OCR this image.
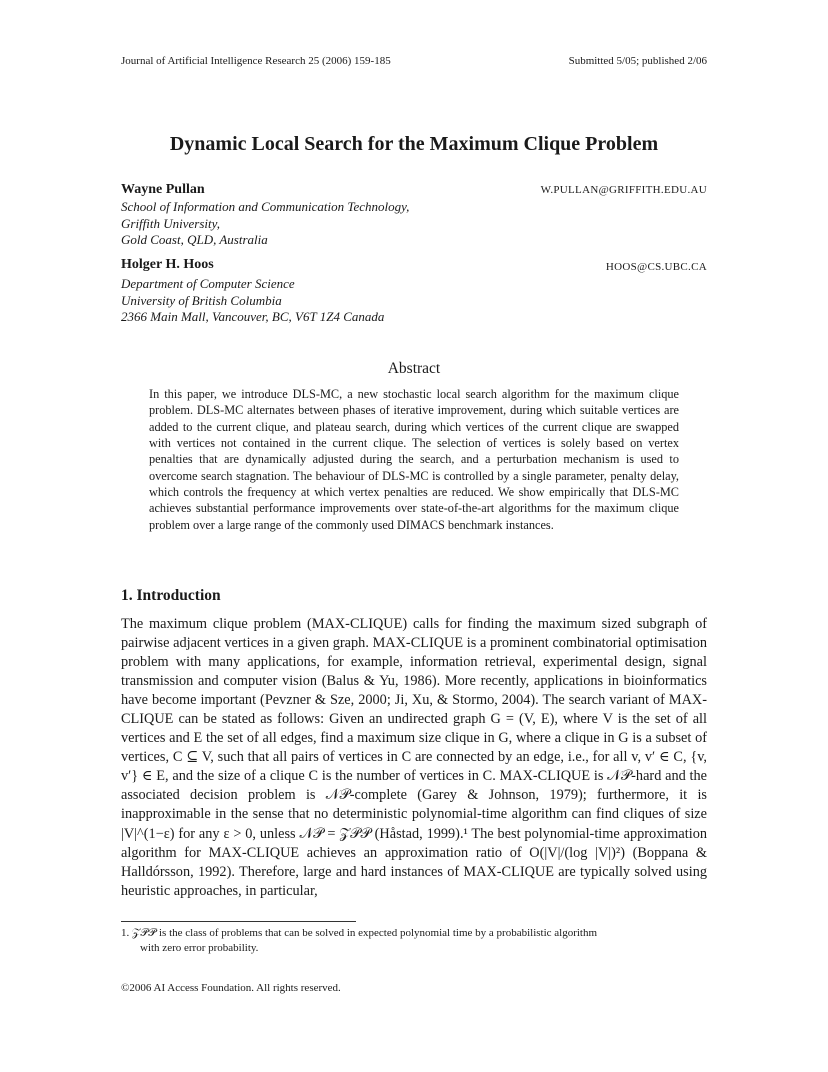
Journal of Artificial Intelligence Research 25 (2006) 159-185	Submitted 5/05; published 2/06
Dynamic Local Search for the Maximum Clique Problem
Wayne Pullan	W.PULLAN@GRIFFITH.EDU.AU
School of Information and Communication Technology,
Griffith University,
Gold Coast, QLD, Australia
Holger H. Hoos	HOOS@CS.UBC.CA
Department of Computer Science
University of British Columbia
2366 Main Mall, Vancouver, BC, V6T 1Z4 Canada
Abstract
In this paper, we introduce DLS-MC, a new stochastic local search algorithm for the maximum clique problem. DLS-MC alternates between phases of iterative improvement, during which suitable vertices are added to the current clique, and plateau search, during which vertices of the current clique are swapped with vertices not contained in the current clique. The selection of vertices is solely based on vertex penalties that are dynamically adjusted during the search, and a perturbation mechanism is used to overcome search stagnation. The behaviour of DLS-MC is controlled by a single parameter, penalty delay, which controls the frequency at which vertex penalties are reduced. We show empirically that DLS-MC achieves substantial performance improvements over state-of-the-art algorithms for the maximum clique problem over a large range of the commonly used DIMACS benchmark instances.
1. Introduction
The maximum clique problem (MAX-CLIQUE) calls for finding the maximum sized subgraph of pairwise adjacent vertices in a given graph. MAX-CLIQUE is a prominent combinatorial optimisation problem with many applications, for example, information retrieval, experimental design, signal transmission and computer vision (Balus & Yu, 1986). More recently, applications in bioinformatics have become important (Pevzner & Sze, 2000; Ji, Xu, & Stormo, 2004). The search variant of MAX-CLIQUE can be stated as follows: Given an undirected graph G = (V, E), where V is the set of all vertices and E the set of all edges, find a maximum size clique in G, where a clique in G is a subset of vertices, C ⊆ V, such that all pairs of vertices in C are connected by an edge, i.e., for all v, v′ ∈ C, {v, v′} ∈ E, and the size of a clique C is the number of vertices in C. MAX-CLIQUE is 𝒩𝒫-hard and the associated decision problem is 𝒩𝒫-complete (Garey & Johnson, 1979); furthermore, it is inapproximable in the sense that no deterministic polynomial-time algorithm can find cliques of size |V|^(1−ε) for any ε > 0, unless 𝒩𝒫 = 𝒵𝒫𝒫 (Håstad, 1999).¹ The best polynomial-time approximation algorithm for MAX-CLIQUE achieves an approximation ratio of O(|V|/(log |V|)²) (Boppana & Halldórsson, 1992). Therefore, large and hard instances of MAX-CLIQUE are typically solved using heuristic approaches, in particular,
1. 𝒵𝒫𝒫 is the class of problems that can be solved in expected polynomial time by a probabilistic algorithm
with zero error probability.
©2006 AI Access Foundation. All rights reserved.
